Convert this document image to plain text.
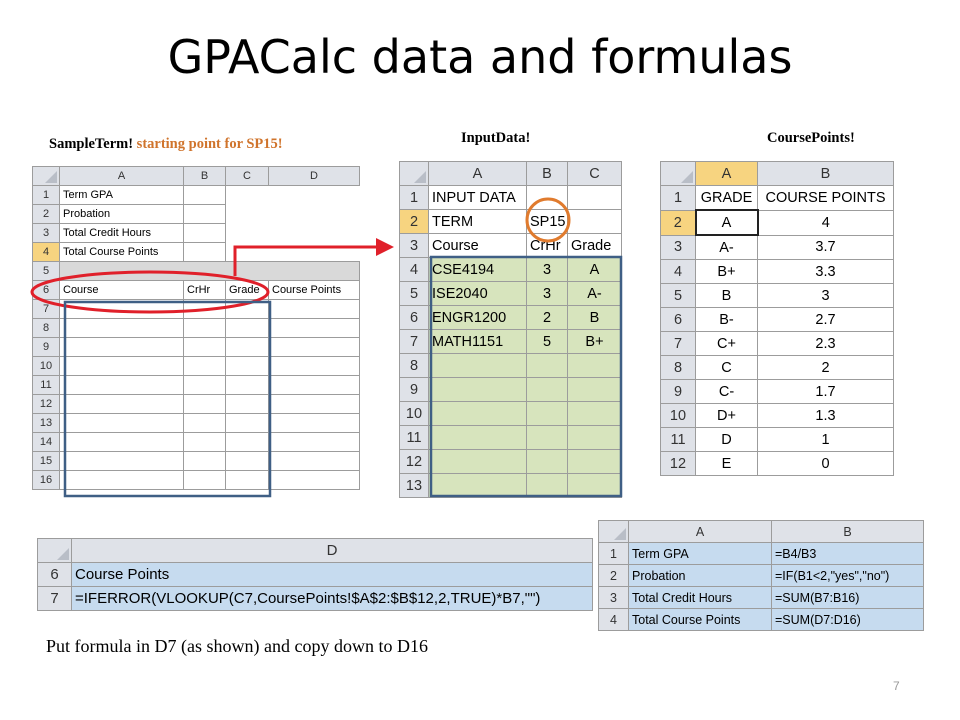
GPACalc data and formulas
SampleTerm! starting point for SP15!	InputData!	CoursePoints!
	A	B	C	D
1	Term GPA			
2	Probation			
3	Total Credit Hours			
4	Total Course Points			
5				
6	Course	CrHr	Grade	Course Points
7				
8				
9				
10				
11				
12				
13				
14				
15				
16				
	A	B	C
1	INPUT DATA		
2	TERM	SP15	
3	Course	CrHr	Grade
4	CSE4194	3	A
5	ISE2040	3	A-
6	ENGR1200	2	B
7	MATH1151	5	B+
8			
9			
10			
11			
12			
13			
	A	B
1	GRADE	COURSE POINTS
2	A	4
3	A-	3.7
4	B+	3.3
5	B	3
6	B-	2.7
7	C+	2.3
8	C	2
9	C-	1.7
10	D+	1.3
11	D	1
12	E	0
	D
6	Course Points
7	=IFERROR(VLOOKUP(C7,CoursePoints!$A$2:$B$12,2,TRUE)*B7,"")
	A	B
1	Term GPA	=B4/B3
2	Probation	=IF(B1<2,"yes","no")
3	Total Credit Hours	=SUM(B7:B16)
4	Total Course Points	=SUM(D7:D16)
Put formula in D7 (as shown) and copy down to D16
7
